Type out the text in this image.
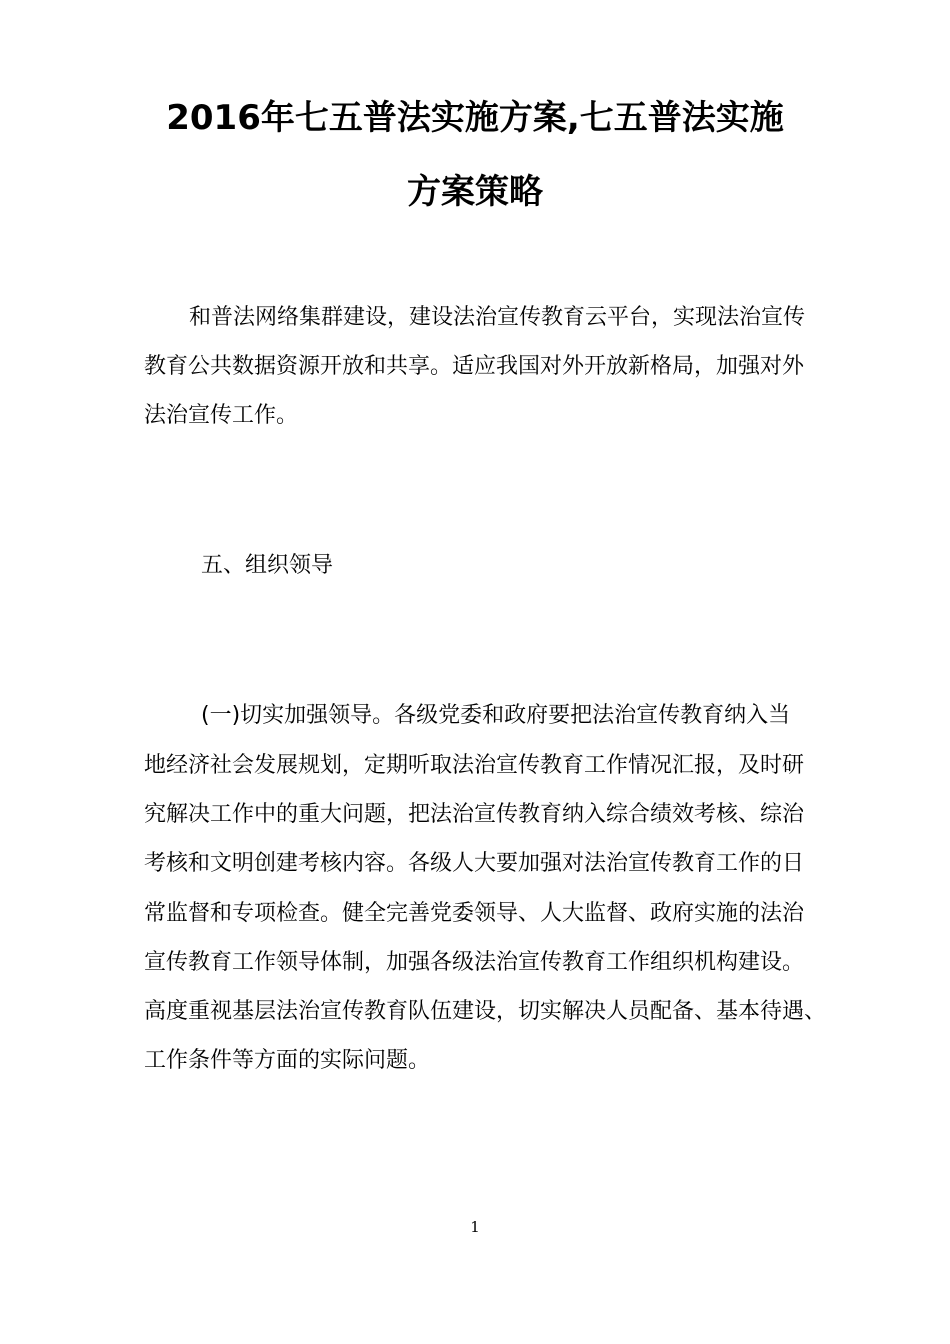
2016年七五普法实施方案,七五普法实施
方案策略
和普法网络集群建设，建设法治宣传教育云平台，实现法治宣传
教育公共数据资源开放和共享。适应我国对外开放新格局，加强对外
法治宣传工作。
五、组织领导
(一)切实加强领导。各级党委和政府要把法治宣传教育纳入当
地经济社会发展规划，定期听取法治宣传教育工作情况汇报，及时研
究解决工作中的重大问题，把法治宣传教育纳入综合绩效考核、综治
考核和文明创建考核内容。各级人大要加强对法治宣传教育工作的日
常监督和专项检查。健全完善党委领导、人大监督、政府实施的法治
宣传教育工作领导体制，加强各级法治宣传教育工作组织机构建设。
高度重视基层法治宣传教育队伍建设，切实解决人员配备、基本待遇、
工作条件等方面的实际问题。
1
